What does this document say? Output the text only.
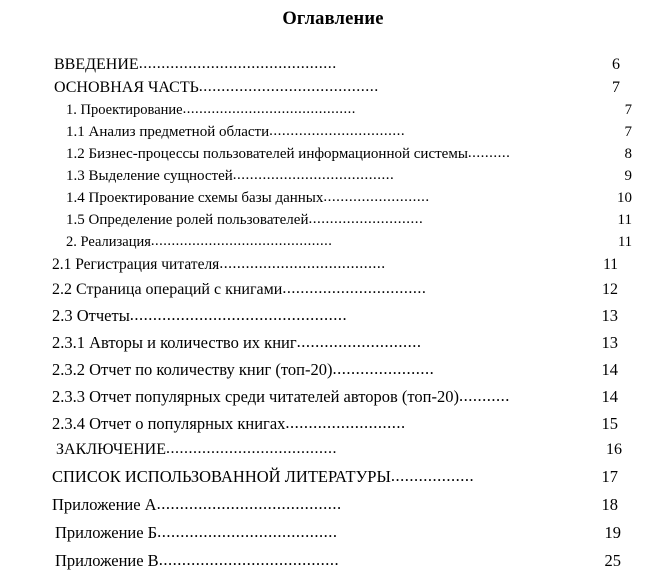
Оглавление
ВВЕДЕНИЕ ............................................	6
ОСНОВНАЯ ЧАСТЬ ........................................	7
1. Проектирование ..........................................	7
1.1 Анализ предметной области ................................	7
1.2 Бизнес-процессы пользователей информационной системы ..........	8
1.3 Выделение сущностей ......................................	9
1.4 Проектирование схемы базы данных .........................	10
1.5 Определение ролей пользователей ...........................	11
2. Реализация ............................................	11
2.1 Регистрация читателя ......................................	11
2.2 Страница операций с книгами ................................	12
2.3 Отчеты ...............................................	13
2.3.1 Авторы и количество их книг ...........................	13
2.3.2 Отчет по количеству книг (топ-20) ......................	14
2.3.3 Отчет популярных среди читателей авторов (топ-20) ...........	14
2.3.4 Отчет о популярных книгах ..........................	15
ЗАКЛЮЧЕНИЕ ......................................	16
СПИСОК ИСПОЛЬЗОВАННОЙ ЛИТЕРАТУРЫ ..................	17
Приложение А ........................................	18
Приложение Б .......................................	19
Приложение В .......................................	25
